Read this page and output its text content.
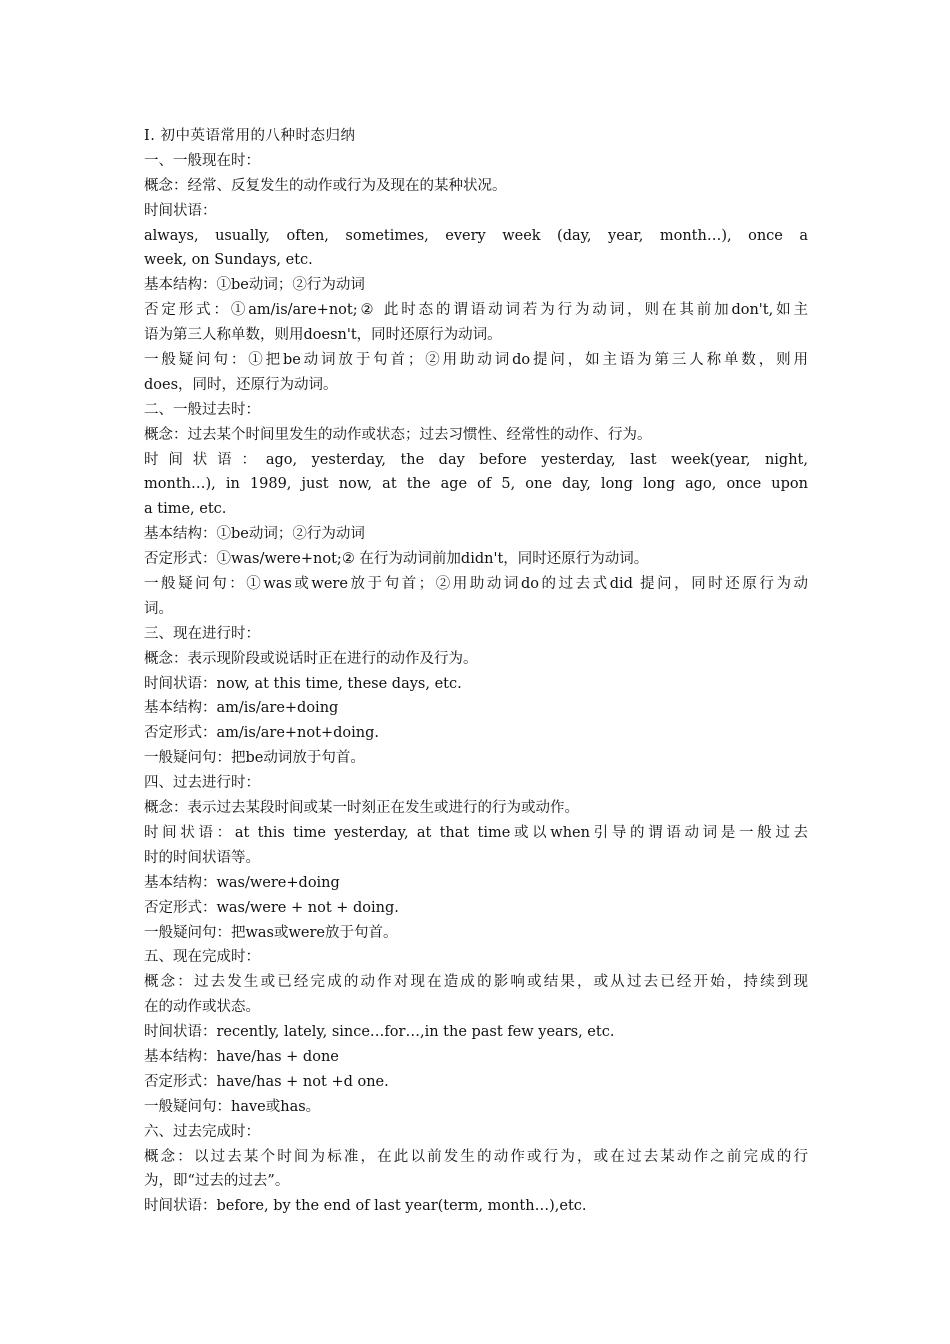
Ⅰ. 初中英语常用的八种时态归纳
一、一般现在时：
概念：经常、反复发生的动作或行为及现在的某种状况。
时间状语：
always, usually, often, sometimes, every week (day, year, month…), once a
week, on Sundays, etc.
基本结构：①be动词；②行为动词
否定形式：①am/is/are+not;② 此时态的谓语动词若为行为动词，则在其前加don't,如主
语为第三人称单数，则用doesn't，同时还原行为动词。
一般疑问句：①把be动词放于句首；②用助动词do提问，如主语为第三人称单数，则用
does，同时，还原行为动词。
二、一般过去时：
概念：过去某个时间里发生的动作或状态；过去习惯性、经常性的动作、行为。
时间状语：ago, yesterday, the day before yesterday, last week(year, night,
month…), in 1989, just now, at the age of 5, one day, long long ago, once upon
a time, etc.
基本结构：①be动词；②行为动词
否定形式：①was/were+not;② 在行为动词前加didn't，同时还原行为动词。
一般疑问句：①was或were放于句首；②用助动词do的过去式did 提问，同时还原行为动
词。
三、现在进行时：
概念：表示现阶段或说话时正在进行的动作及行为。
时间状语：now, at this time, these days, etc.
基本结构：am/is/are+doing
否定形式：am/is/are+not+doing.
一般疑问句：把be动词放于句首。
四、过去进行时：
概念：表示过去某段时间或某一时刻正在发生或进行的行为或动作。
时间状语：at this time yesterday, at that time或以when引导的谓语动词是一般过去
时的时间状语等。
基本结构：was/were+doing
否定形式：was/were + not + doing.
一般疑问句：把was或were放于句首。
五、现在完成时：
概念：过去发生或已经完成的动作对现在造成的影响或结果，或从过去已经开始，持续到现
在的动作或状态。
时间状语：recently, lately, since…for…,in the past few years, etc.
基本结构：have/has + done
否定形式：have/has + not +d one.
一般疑问句：have或has。
六、过去完成时：
概念：以过去某个时间为标准，在此以前发生的动作或行为，或在过去某动作之前完成的行
为，即“过去的过去”。
时间状语：before, by the end of last year(term, month…),etc.
